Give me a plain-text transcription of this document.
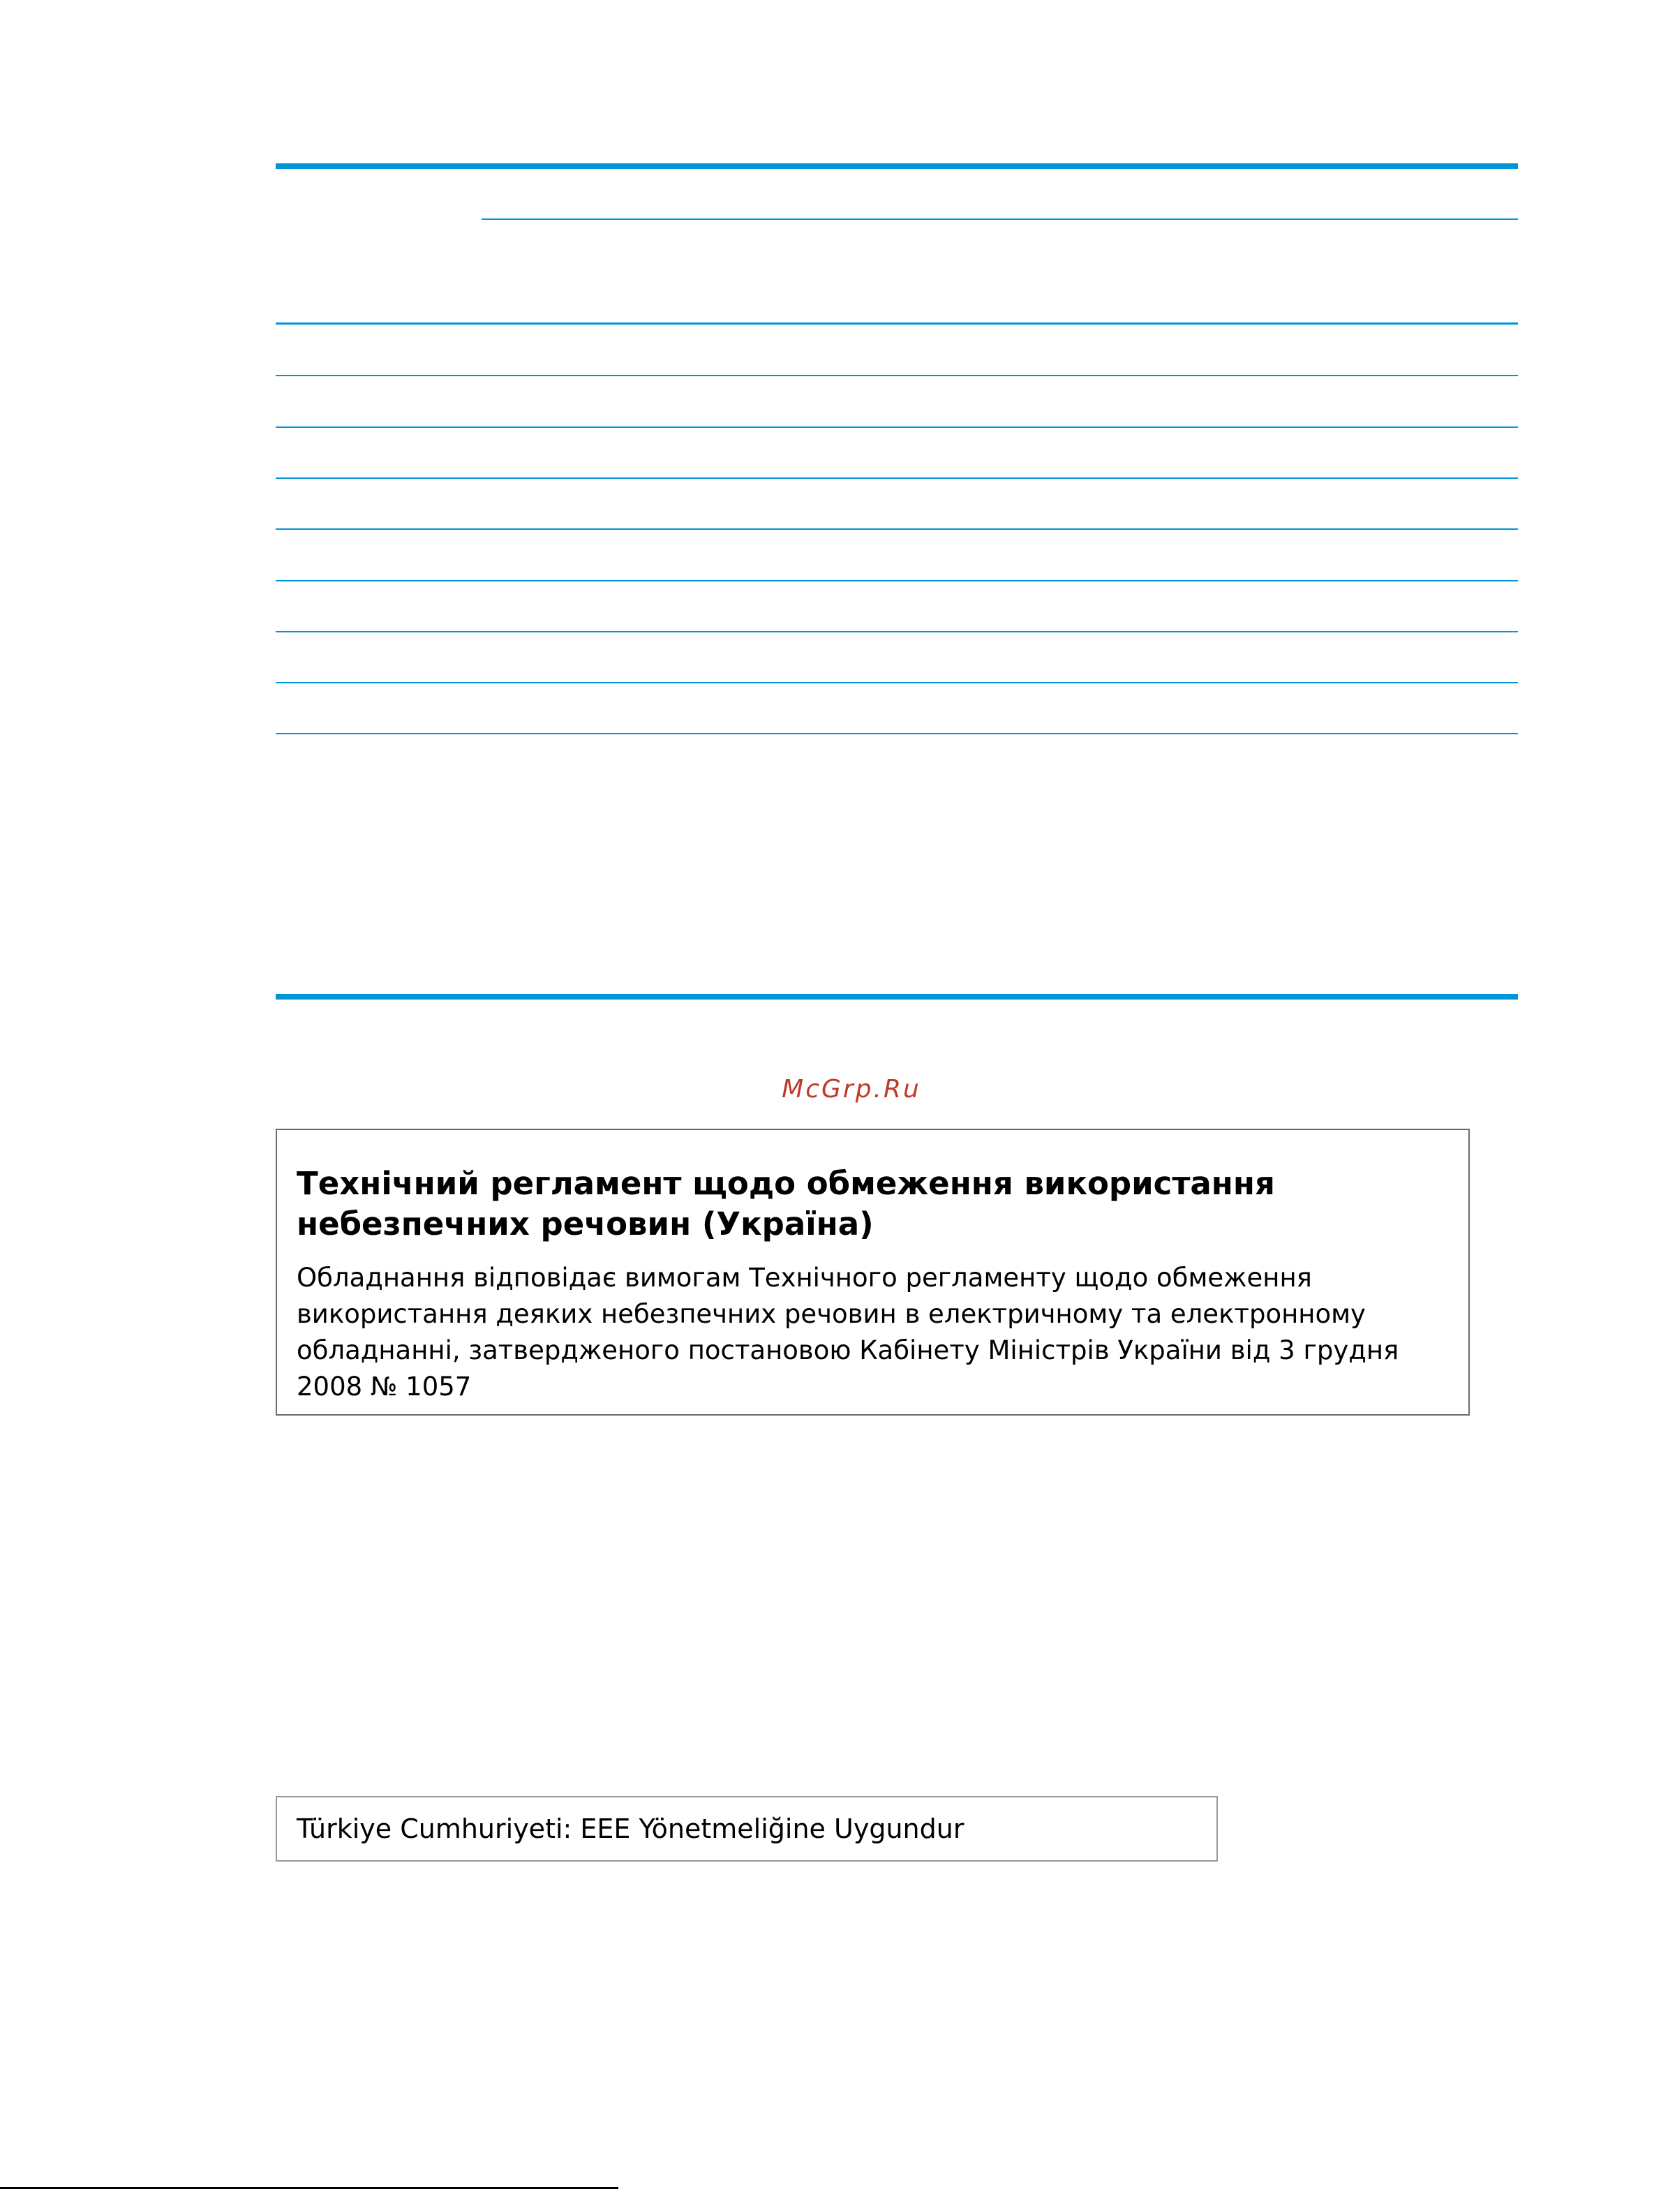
McGrp.Ru

Технічний регламент щодо обмеження використання небезпечних речовин (Україна)

Обладнання відповідає вимогам Технічного регламенту щодо обмеження використання деяких небезпечних речовин в електричному та електронному обладнанні, затвердженого постановою Кабінету Міністрів України від 3 грудня 2008 № 1057

Türkiye Cumhuriyeti: EEE Yönetmeliğine Uygundur
